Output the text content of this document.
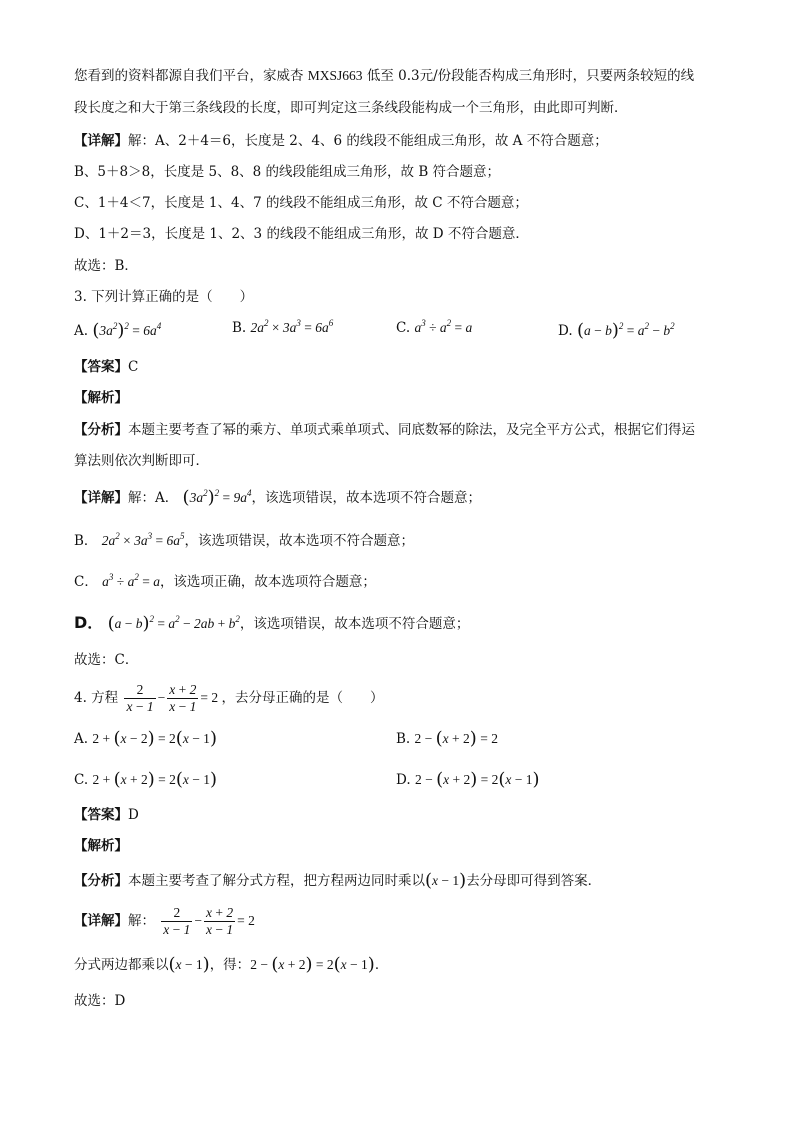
您看到的资料都源自我们平台，家威杏 MXSJ663 低至 0.3元/份段能否构成三角形时，只要两条较短的线
段长度之和大于第三条线段的长度，即可判定这三条线段能构成一个三角形，由此即可判断．
【详解】解：A、2＋4＝6，长度是 2、4、6 的线段不能组成三角形，故 A 不符合题意；
B、5＋8＞8，长度是 5、8、8 的线段能组成三角形，故 B 符合题意；
C、1＋4＜7，长度是 1、4、7 的线段不能组成三角形，故 C 不符合题意；
D、1＋2＝3，长度是 1、2、3 的线段不能组成三角形，故 D 不符合题意．
故选：B．
3. 下列计算正确的是（　　）
A. $(3a^2)^2 = 6a^4$	B. $2a^2 \times 3a^3 = 6a^6$	C. $a^3 \div a^2 = a$	D. $(a - b)^2 = a^2 - b^2$
【答案】C
【解析】
【分析】本题主要考查了幂的乘方、单项式乘单项式、同底数幂的除法，及完全平方公式，根据它们得运
算法则依次判断即可．
【详解】解：A． $(3a^2)^2 = 9a^4$，该选项错误，故本选项不符合题意；
B． $2a^2 \times 3a^3 = 6a^5$，该选项错误，故本选项不符合题意；
C． $a^3 \div a^2 = a$，该选项正确，故本选项符合题意；
D． $(a - b)^2 = a^2 - 2ab + b^2$，该选项错误，故本选项不符合题意；
故选：C．
4. 方程 $\frac{2}{x - 1} - \frac{x + 2}{x - 1} = 2$ ，去分母正确的是（　　）
A. 2 + (x − 2) = 2(x − 1)	B. 2 − (x + 2) = 2
C. 2 + (x + 2) = 2(x − 1)	D. 2 − (x + 2) = 2(x − 1)
【答案】D
【解析】
【分析】本题主要考查了解分式方程，把方程两边同时乘以(x − 1)去分母即可得到答案．
【详解】解： $\frac{2}{x - 1} - \frac{x + 2}{x - 1} = 2$
分式两边都乘以(x − 1)，得：2 − (x + 2) = 2(x − 1)．
故选：D
